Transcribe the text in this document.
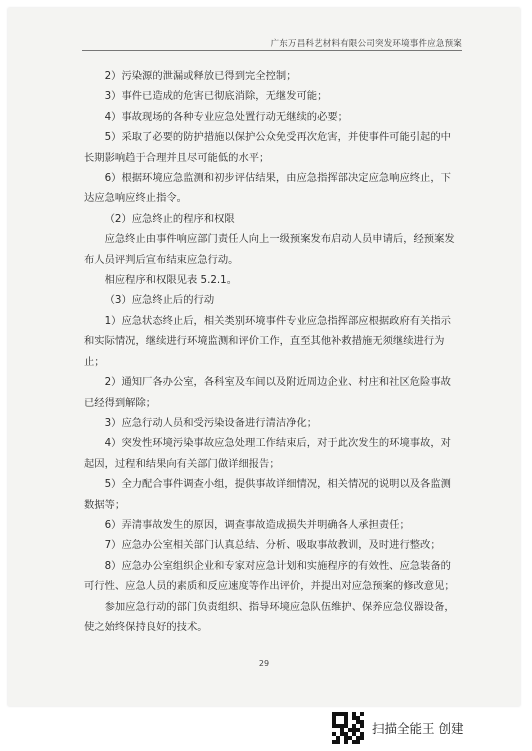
广东万昌科艺材料有限公司突发环境事件应急预案

2）污染源的泄漏或释放已得到完全控制；

3）事件已造成的危害已彻底消除，无继发可能；

4）事故现场的各种专业应急处置行动无继续的必要；

5）采取了必要的防护措施以保护公众免受再次危害，并使事件可能引起的中长期影响趋于合理并且尽可能低的水平；

6）根据环境应急监测和初步评估结果，由应急指挥部决定应急响应终止，下达应急响应终止指令。

（2）应急终止的程序和权限

应急终止由事件响应部门责任人向上一级预案发布启动人员申请后，经预案发布人员评判后宣布结束应急行动。

相应程序和权限见表 5.2.1。

（3）应急终止后的行动

1）应急状态终止后，相关类别环境事件专业应急指挥部应根据政府有关指示和实际情况，继续进行环境监测和评价工作，直至其他补救措施无须继续进行为止；

2）通知厂各办公室，各科室及车间以及附近周边企业、村庄和社区危险事故已经得到解除；

3）应急行动人员和受污染设备进行清洁净化；

4）突发性环境污染事故应急处理工作结束后，对于此次发生的环境事故，对起因，过程和结果向有关部门做详细报告；

5）全力配合事件调查小组，提供事故详细情况，相关情况的说明以及各监测数据等；

6）弄清事故发生的原因，调查事故造成损失并明确各人承担责任；

7）应急办公室相关部门认真总结、分析、吸取事故教训，及时进行整改；

8）应急办公室组织企业和专家对应急计划和实施程序的有效性、应急装备的可行性、应急人员的素质和反应速度等作出评价，并提出对应急预案的修改意见；

参加应急行动的部门负责组织、指导环境应急队伍维护、保养应急仪器设备，使之始终保持良好的技术。

29
扫描全能王 创建
